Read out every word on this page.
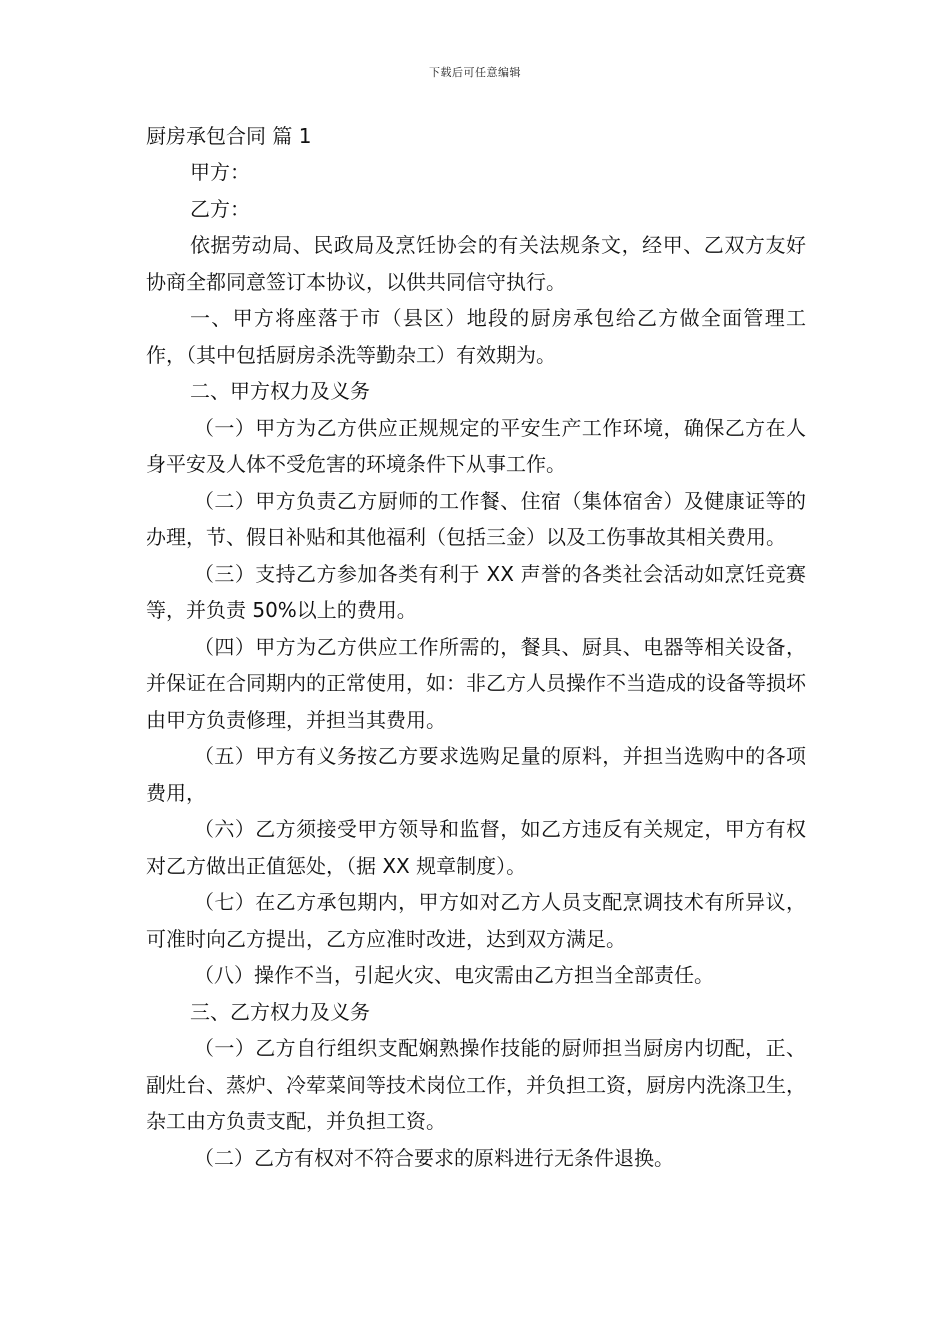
下载后可任意编辑

厨房承包合同 篇 1

甲方：

乙方：

依据劳动局、民政局及烹饪协会的有关法规条文，经甲、乙双方友好协商全都同意签订本协议，以供共同信守执行。

一、甲方将座落于市（县区）地段的厨房承包给乙方做全面管理工作，（其中包括厨房杀洗等勤杂工）有效期为。

二、甲方权力及义务

（一）甲方为乙方供应正规规定的平安生产工作环境，确保乙方在人身平安及人体不受危害的环境条件下从事工作。

（二）甲方负责乙方厨师的工作餐、住宿（集体宿舍）及健康证等的办理，节、假日补贴和其他福利（包括三金）以及工伤事故其相关费用。

（三）支持乙方参加各类有利于 XX 声誉的各类社会活动如烹饪竞赛等，并负责 50%以上的费用。

（四）甲方为乙方供应工作所需的，餐具、厨具、电器等相关设备，并保证在合同期内的正常使用，如：非乙方人员操作不当造成的设备等损坏由甲方负责修理，并担当其费用。

（五）甲方有义务按乙方要求选购足量的原料，并担当选购中的各项费用，

（六）乙方须接受甲方领导和监督，如乙方违反有关规定，甲方有权对乙方做出正值惩处，（据 XX 规章制度）。

（七）在乙方承包期内，甲方如对乙方人员支配烹调技术有所异议，可准时向乙方提出，乙方应准时改进，达到双方满足。

（八）操作不当，引起火灾、电灾需由乙方担当全部责任。

三、乙方权力及义务

（一）乙方自行组织支配娴熟操作技能的厨师担当厨房内切配，正、副灶台、蒸炉、冷荤菜间等技术岗位工作，并负担工资，厨房内洗涤卫生，杂工由方负责支配，并负担工资。

（二）乙方有权对不符合要求的原料进行无条件退换。
